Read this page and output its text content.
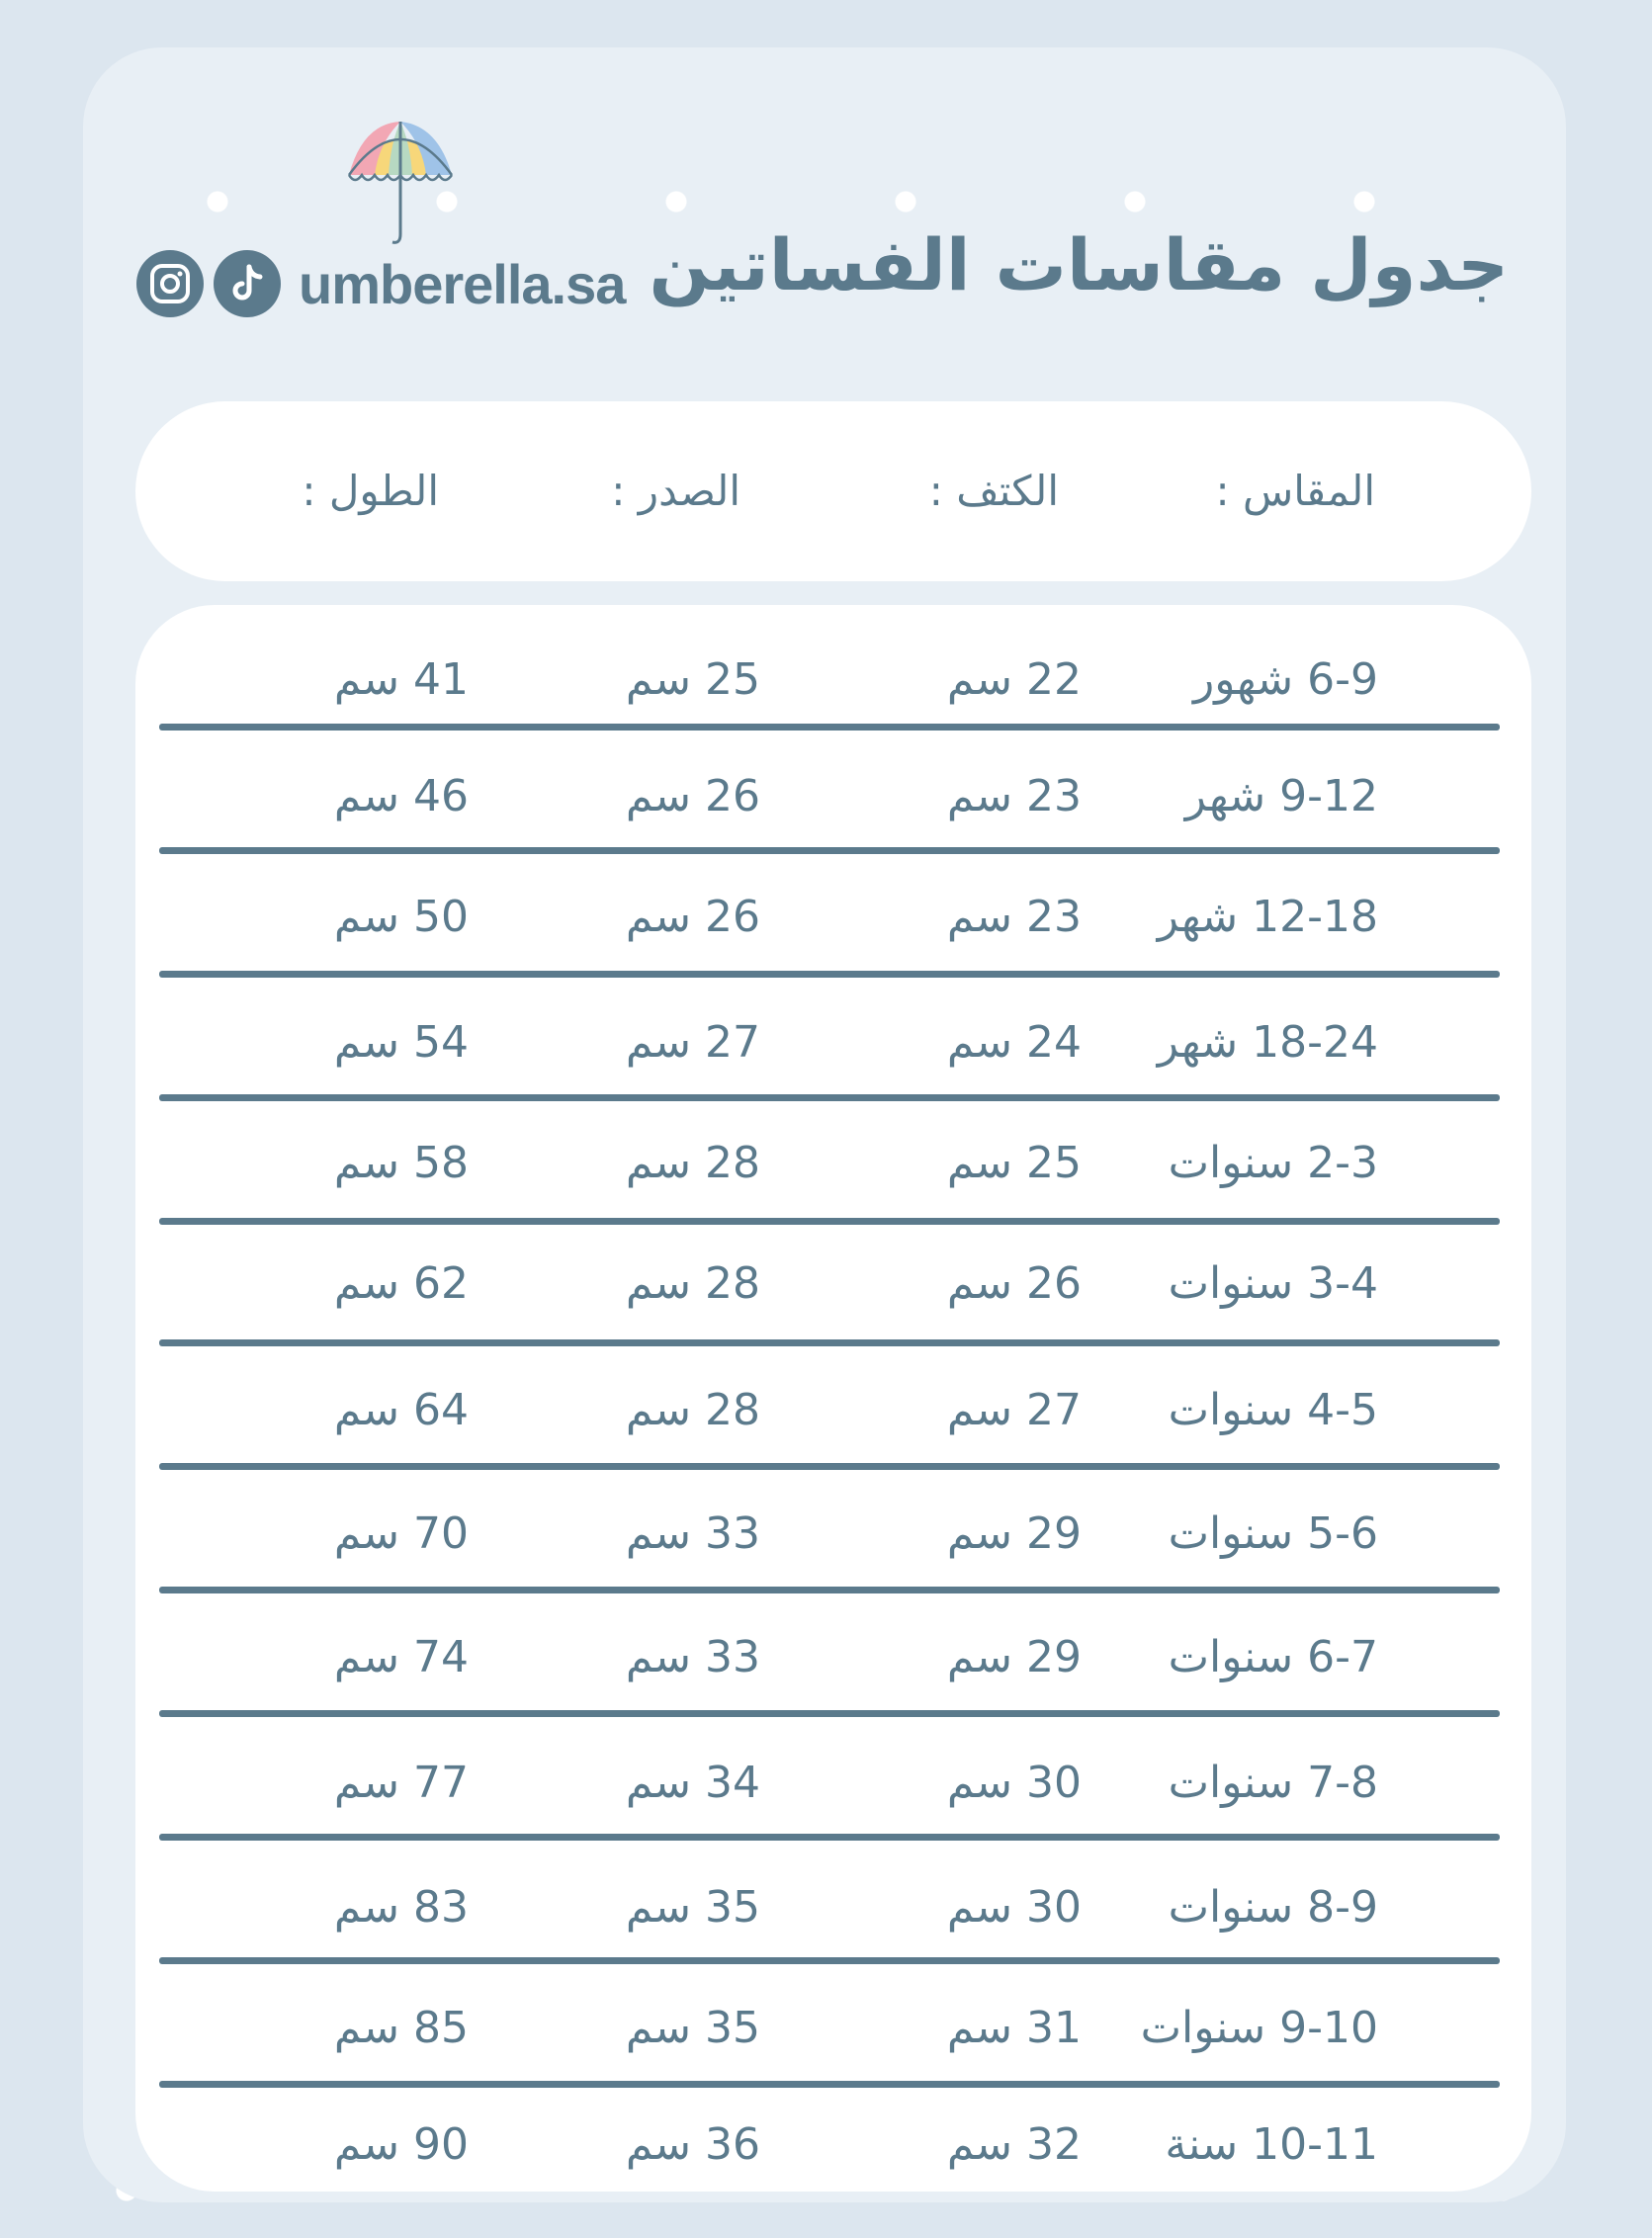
جدول مقاسات الفساتين
umberella.sa
المقاس :
الكتف :
الصدر :
الطول :
6-9 شهور
22 سم
25 سم
41 سم
9-12 شهر
23 سم
26 سم
46 سم
12-18 شهر
23 سم
26 سم
50 سم
18-24 شهر
24 سم
27 سم
54 سم
2-3 سنوات
25 سم
28 سم
58 سم
3-4 سنوات
26 سم
28 سم
62 سم
4-5 سنوات
27 سم
28 سم
64 سم
5-6 سنوات
29 سم
33 سم
70 سم
6-7 سنوات
29 سم
33 سم
74 سم
7-8 سنوات
30 سم
34 سم
77 سم
8-9 سنوات
30 سم
35 سم
83 سم
9-10 سنوات
31 سم
35 سم
85 سم
10-11 سنة
32 سم
36 سم
90 سم
